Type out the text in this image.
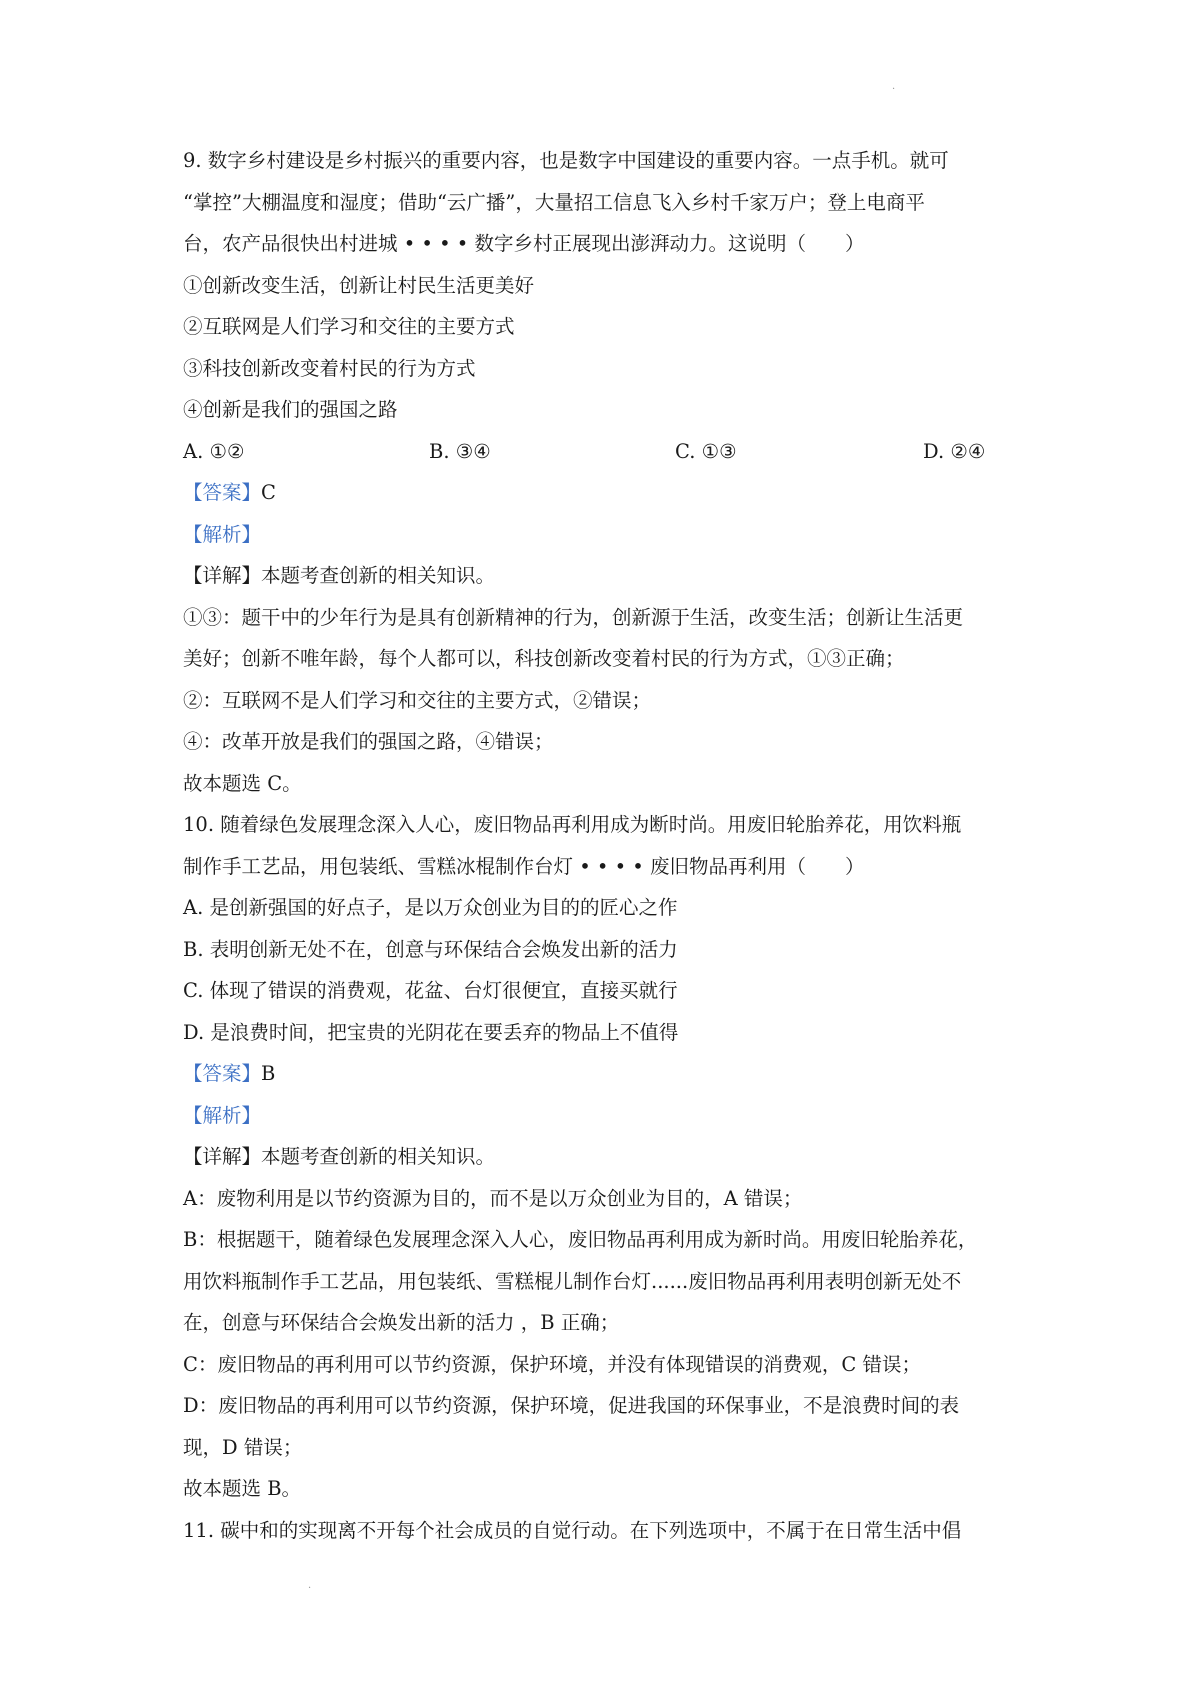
·
·
9. 数字乡村建设是乡村振兴的重要内容，也是数字中国建设的重要内容。一点手机。就可
“掌控”大棚温度和湿度；借助“云广播”，大量招工信息飞入乡村千家万户；登上电商平
台，农产品很快出村进城 • • • • 数字乡村正展现出澎湃动力。这说明（　　）
①创新改变生活，创新让村民生活更美好
②互联网是人们学习和交往的主要方式
③科技创新改变着村民的行为方式
④创新是我们的强国之路
A. ①②	B. ③④	C. ①③	D. ②④
【答案】C
【解析】
【详解】本题考查创新的相关知识。
①③：题干中的少年行为是具有创新精神的行为，创新源于生活，改变生活；创新让生活更
美好；创新不唯年龄，每个人都可以，科技创新改变着村民的行为方式，①③正确；
②：互联网不是人们学习和交往的主要方式，②错误；
④：改革开放是我们的强国之路，④错误；
故本题选 C。
10. 随着绿色发展理念深入人心，废旧物品再利用成为断时尚。用废旧轮胎养花，用饮料瓶
制作手工艺品，用包装纸、雪糕冰棍制作台灯 • • • • 废旧物品再利用（　　）
A. 是创新强国的好点子，是以万众创业为目的的匠心之作
B. 表明创新无处不在，创意与环保结合会焕发出新的活力
C. 体现了错误的消费观，花盆、台灯很便宜，直接买就行
D. 是浪费时间，把宝贵的光阴花在要丢弃的物品上不值得
【答案】B
【解析】
【详解】本题考查创新的相关知识。
A：废物利用是以节约资源为目的，而不是以万众创业为目的，A 错误；
B：根据题干，随着绿色发展理念深入人心，废旧物品再利用成为新时尚。用废旧轮胎养花，
用饮料瓶制作手工艺品，用包装纸、雪糕棍儿制作台灯......废旧物品再利用表明创新无处不
在，创意与环保结合会焕发出新的活力 ，B 正确；
C：废旧物品的再利用可以节约资源，保护环境，并没有体现错误的消费观，C 错误；
D：废旧物品的再利用可以节约资源，保护环境，促进我国的环保事业，不是浪费时间的表
现，D 错误；
故本题选 B。
11. 碳中和的实现离不开每个社会成员的自觉行动。在下列选项中，不属于在日常生活中倡
